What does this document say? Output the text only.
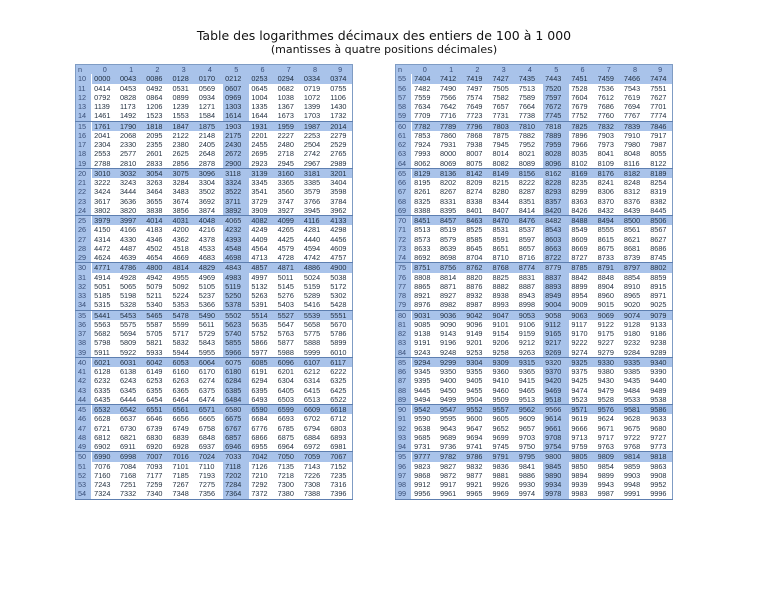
Table des logarithmes décimaux des entiers de 100 à 1 000
(mantisses à quatre positions décimales)
n	0	1	2	3	4	5	6	7	8	9
10	0000	0043	0086	0128	0170	0212	0253	0294	0334	0374
11	0414	0453	0492	0531	0569	0607	0645	0682	0719	0755
12	0792	0828	0864	0899	0934	0969	1004	1038	1072	1106
13	1139	1173	1206	1239	1271	1303	1335	1367	1399	1430
14	1461	1492	1523	1553	1584	1614	1644	1673	1703	1732
15	1761	1790	1818	1847	1875	1903	1931	1959	1987	2014
16	2041	2068	2095	2122	2148	2175	2201	2227	2253	2279
17	2304	2330	2355	2380	2405	2430	2455	2480	2504	2529
18	2553	2577	2601	2625	2648	2672	2695	2718	2742	2765
19	2788	2810	2833	2856	2878	2900	2923	2945	2967	2989
20	3010	3032	3054	3075	3096	3118	3139	3160	3181	3201
21	3222	3243	3263	3284	3304	3324	3345	3365	3385	3404
22	3424	3444	3464	3483	3502	3522	3541	3560	3579	3598
23	3617	3636	3655	3674	3692	3711	3729	3747	3766	3784
24	3802	3820	3838	3856	3874	3892	3909	3927	3945	3962
25	3979	3997	4014	4031	4048	4065	4082	4099	4116	4133
26	4150	4166	4183	4200	4216	4232	4249	4265	4281	4298
27	4314	4330	4346	4362	4378	4393	4409	4425	4440	4456
28	4472	4487	4502	4518	4533	4548	4564	4579	4594	4609
29	4624	4639	4654	4669	4683	4698	4713	4728	4742	4757
30	4771	4786	4800	4814	4829	4843	4857	4871	4886	4900
31	4914	4928	4942	4955	4969	4983	4997	5011	5024	5038
32	5051	5065	5079	5092	5105	5119	5132	5145	5159	5172
33	5185	5198	5211	5224	5237	5250	5263	5276	5289	5302
34	5315	5328	5340	5353	5366	5378	5391	5403	5416	5428
35	5441	5453	5465	5478	5490	5502	5514	5527	5539	5551
36	5563	5575	5587	5599	5611	5623	5635	5647	5658	5670
37	5682	5694	5705	5717	5729	5740	5752	5763	5775	5786
38	5798	5809	5821	5832	5843	5855	5866	5877	5888	5899
39	5911	5922	5933	5944	5955	5966	5977	5988	5999	6010
40	6021	6031	6042	6053	6064	6075	6085	6096	6107	6117
41	6128	6138	6149	6160	6170	6180	6191	6201	6212	6222
42	6232	6243	6253	6263	6274	6284	6294	6304	6314	6325
43	6335	6345	6355	6365	6375	6385	6395	6405	6415	6425
44	6435	6444	6454	6464	6474	6484	6493	6503	6513	6522
45	6532	6542	6551	6561	6571	6580	6590	6599	6609	6618
46	6628	6637	6646	6656	6665	6675	6684	6693	6702	6712
47	6721	6730	6739	6749	6758	6767	6776	6785	6794	6803
48	6812	6821	6830	6839	6848	6857	6866	6875	6884	6893
49	6902	6911	6920	6928	6937	6946	6955	6964	6972	6981
50	6990	6998	7007	7016	7024	7033	7042	7050	7059	7067
51	7076	7084	7093	7101	7110	7118	7126	7135	7143	7152
52	7160	7168	7177	7185	7193	7202	7210	7218	7226	7235
53	7243	7251	7259	7267	7275	7284	7292	7300	7308	7316
54	7324	7332	7340	7348	7356	7364	7372	7380	7388	7396
n	0	1	2	3	4	5	6	7	8	9
55	7404	7412	7419	7427	7435	7443	7451	7459	7466	7474
56	7482	7490	7497	7505	7513	7520	7528	7536	7543	7551
57	7559	7566	7574	7582	7589	7597	7604	7612	7619	7627
58	7634	7642	7649	7657	7664	7672	7679	7686	7694	7701
59	7709	7716	7723	7731	7738	7745	7752	7760	7767	7774
60	7782	7789	7796	7803	7810	7818	7825	7832	7839	7846
61	7853	7860	7868	7875	7882	7889	7896	7903	7910	7917
62	7924	7931	7938	7945	7952	7959	7966	7973	7980	7987
63	7993	8000	8007	8014	8021	8028	8035	8041	8048	8055
64	8062	8069	8075	8082	8089	8096	8102	8109	8116	8122
65	8129	8136	8142	8149	8156	8162	8169	8176	8182	8189
66	8195	8202	8209	8215	8222	8228	8235	8241	8248	8254
67	8261	8267	8274	8280	8287	8293	8299	8306	8312	8319
68	8325	8331	8338	8344	8351	8357	8363	8370	8376	8382
69	8388	8395	8401	8407	8414	8420	8426	8432	8439	8445
70	8451	8457	8463	8470	8476	8482	8488	8494	8500	8506
71	8513	8519	8525	8531	8537	8543	8549	8555	8561	8567
72	8573	8579	8585	8591	8597	8603	8609	8615	8621	8627
73	8633	8639	8645	8651	8657	8663	8669	8675	8681	8686
74	8692	8698	8704	8710	8716	8722	8727	8733	8739	8745
75	8751	8756	8762	8768	8774	8779	8785	8791	8797	8802
76	8808	8814	8820	8825	8831	8837	8842	8848	8854	8859
77	8865	8871	8876	8882	8887	8893	8899	8904	8910	8915
78	8921	8927	8932	8938	8943	8949	8954	8960	8965	8971
79	8976	8982	8987	8993	8998	9004	9009	9015	9020	9025
80	9031	9036	9042	9047	9053	9058	9063	9069	9074	9079
81	9085	9090	9096	9101	9106	9112	9117	9122	9128	9133
82	9138	9143	9149	9154	9159	9165	9170	9175	9180	9186
83	9191	9196	9201	9206	9212	9217	9222	9227	9232	9238
84	9243	9248	9253	9258	9263	9269	9274	9279	9284	9289
85	9294	9299	9304	9309	9315	9320	9325	9330	9335	9340
86	9345	9350	9355	9360	9365	9370	9375	9380	9385	9390
87	9395	9400	9405	9410	9415	9420	9425	9430	9435	9440
88	9445	9450	9455	9460	9465	9469	9474	9479	9484	9489
89	9494	9499	9504	9509	9513	9518	9523	9528	9533	9538
90	9542	9547	9552	9557	9562	9566	9571	9576	9581	9586
91	9590	9595	9600	9605	9609	9614	9619	9624	9628	9633
92	9638	9643	9647	9652	9657	9661	9666	9671	9675	9680
93	9685	9689	9694	9699	9703	9708	9713	9717	9722	9727
94	9731	9736	9741	9745	9750	9754	9759	9763	9768	9773
95	9777	9782	9786	9791	9795	9800	9805	9809	9814	9818
96	9823	9827	9832	9836	9841	9845	9850	9854	9859	9863
97	9868	9872	9877	9881	9886	9890	9894	9899	9903	9908
98	9912	9917	9921	9926	9930	9934	9939	9943	9948	9952
99	9956	9961	9965	9969	9974	9978	9983	9987	9991	9996
